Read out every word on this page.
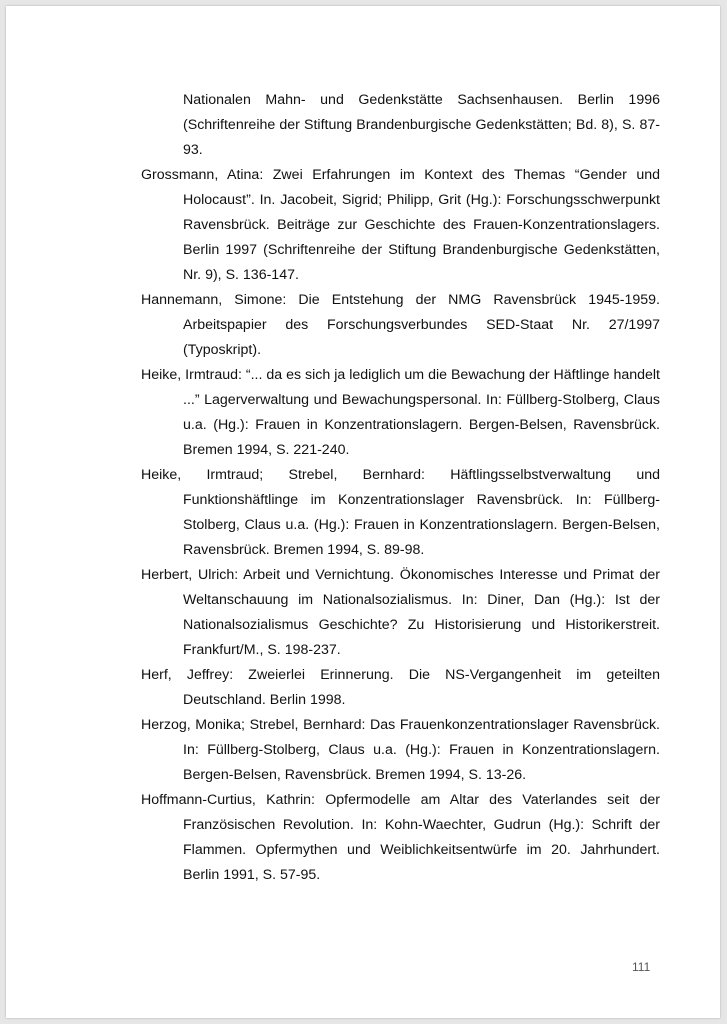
Nationalen Mahn- und Gedenkstätte Sachsenhausen. Berlin 1996 (Schriftenreihe der Stiftung Brandenburgische Gedenkstätten; Bd. 8), S. 87-93.

Grossmann, Atina: Zwei Erfahrungen im Kontext des Themas “Gender und Holocaust”. In. Jacobeit, Sigrid; Philipp, Grit (Hg.): Forschungsschwerpunkt Ravensbrück. Beiträge zur Geschichte des Frauen-Konzentrationslagers. Berlin 1997 (Schriftenreihe der Stiftung Brandenburgische Gedenkstätten, Nr. 9), S. 136-147.

Hannemann, Simone: Die Entstehung der NMG Ravensbrück 1945-1959. Arbeitspapier des Forschungsverbundes SED-Staat Nr. 27/1997 (Typoskript).

Heike, Irmtraud: “... da es sich ja lediglich um die Bewachung der Häftlinge handelt ...” Lagerverwaltung und Bewachungspersonal. In: Füllberg-Stolberg, Claus u.a. (Hg.): Frauen in Konzentrationslagern. Bergen-Belsen, Ravensbrück. Bremen 1994, S. 221-240.

Heike, Irmtraud; Strebel, Bernhard: Häftlingsselbstverwaltung und Funktionshäftlinge im Konzentrationslager Ravensbrück. In: Füllberg-Stolberg, Claus u.a. (Hg.): Frauen in Konzentrationslagern. Bergen-Belsen, Ravensbrück. Bremen 1994, S. 89-98.

Herbert, Ulrich: Arbeit und Vernichtung. Ökonomisches Interesse und Primat der Weltanschauung im Nationalsozialismus. In: Diner, Dan (Hg.): Ist der Nationalsozialismus Geschichte? Zu Historisierung und Historikerstreit. Frankfurt/M., S. 198-237.

Herf, Jeffrey: Zweierlei Erinnerung. Die NS-Vergangenheit im geteilten Deutschland. Berlin 1998.

Herzog, Monika; Strebel, Bernhard: Das Frauenkonzentrationslager Ravensbrück. In: Füllberg-Stolberg, Claus u.a. (Hg.): Frauen in Konzentrationslagern. Bergen-Belsen, Ravensbrück. Bremen 1994, S. 13-26.

Hoffmann-Curtius, Kathrin: Opfermodelle am Altar des Vaterlandes seit der Französischen Revolution. In: Kohn-Waechter, Gudrun (Hg.): Schrift der Flammen. Opfermythen und Weiblichkeitsentwürfe im 20. Jahrhundert. Berlin 1991, S. 57-95.

111
